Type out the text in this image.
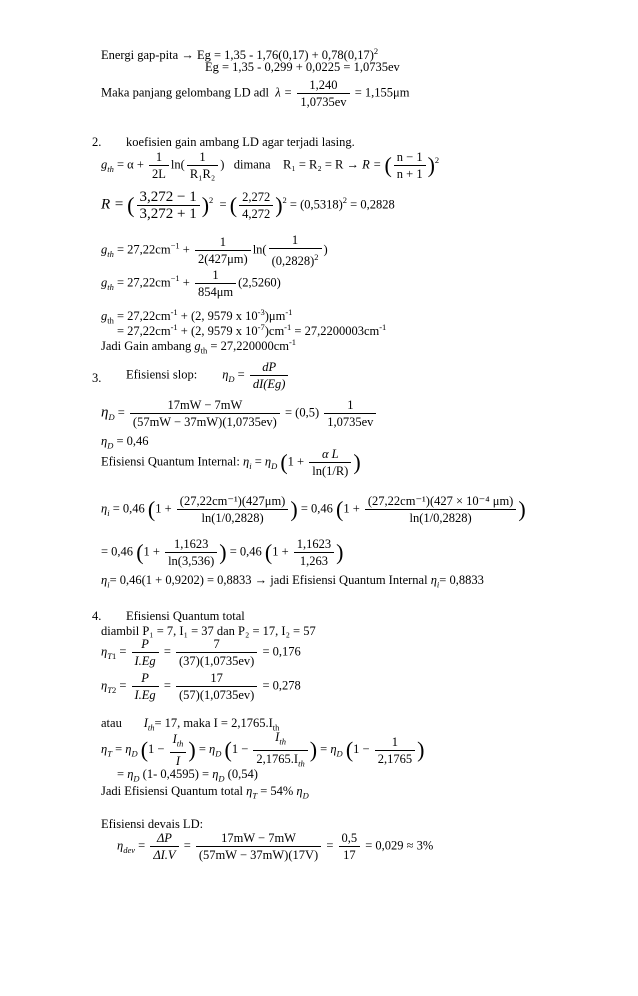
Energi gap-pita → $Eg = 1,35 - 1,76(0,17) + 0,78(0,17)^2$
Eg = 1,35 - 0,299 + 0,0225 = 1,0735ev
Maka panjang gelombang LD adl $\lambda = \frac{1,240}{1,0735ev} = 1,155\mu m$
2. koefisien gain ambang LD agar terjadi lasing.
$g_{th} = \alpha + \frac{1}{2L} \ln( \frac{1}{\text{R₁R₂}}$ ) dimana R₁ = R₂ = R → R = ( $\frac{n - 1}{n + 1} )^2$
R = ( $\frac{3,272 - 1}{3,272 + 1} )^2$  = ( $\frac{2,272}{4,272} )^2 = (0,5318)^2 = 0,2828$
$g_{th} = 27,22cm^{-1} + \frac{1}{2(427\mu m)} \ln( \frac{1}{(0,2828)^2}$ )
$g_{th} = 27,22cm^{-1} + \frac{1}{854\mu m} (2,5260)$
$g_{th} = 27,22cm^{-1} + (2$, 9579 x $10^{-3})\mu m^{-1}$
= $27,22cm^{-1} + (2$, 9579 x $10^{-7})cm^{-1} = 27,2200003cm^{-1}$
Jadi Gain ambang $g_{th} = 27,220000cm^{-1}$
3. Efisiensi slop: $\eta_D = \frac{dP}{dI(Eg)}$
$\eta_D = \frac{17mW - 7mW}{(57mW - 37mW)(1,0735ev)} = (0,5) \frac{1}{1,0735ev}$
$\eta_D = 0,46$
Efisiensi Quantum Internal: $\eta_i = \eta_D$ ($1 + \frac{\text{α L}}{\ln(1/R)}$ )
$\eta_i = 0,46$ ($1 + \frac{\text{(27,22cm⁻¹)(427μm)}}{\ln(1/0,2828)}$ ) = 0,46 ($1 + \frac{\text{(27,22cm⁻¹)(427 × 10⁻⁴ μm)}}{\ln(1/0,2828)}$ )
= 0,46 ($1 + \frac{1,1623}{\ln(3,536)}$ ) = 0,46 ($1 + \frac{1,1623}{1,263}$ )
$\eta_i= 0,46(1 + 0,9202) = 0,8833$ → jadi Efisiensi Quantum Internal $\eta_i= 0,8833$
4. Efisiensi Quantum total
diambil P₁ = 7, I₁ = 37 dan P₂ = 17, I₂ = 57
$\eta_{T1} = \frac{P}{I.Eg} = \frac{7}{(37)(1,0735ev)} = 0,176$
$\eta_{T2} = \frac{P}{I.Eg} = \frac{17}{(57)(1,0735ev)} = 0,278$
atau $I_{th}= 17$, maka $I = 2,1765.I_{th}$
$\eta_T = \eta_D$ ($1 - \frac{I_{th}}{I}$ ) = $\eta_D$ ($1 - \frac{I_{th}}{2,1765.I_{th}}$ ) = $\eta_D$ ($1 - \frac{1}{2,1765}$ )
= $\eta_D$ (1- $0,4595) = \eta_D$ (0,54)
Jadi Efisiensi Quantum total $\eta_T = 54\%$ $\eta_D$
Efisiensi devais LD:
$\eta_{dev} = \frac{\Delta P}{\Delta I.V} = \frac{17mW - 7mW}{(57mW - 37mW)(17V)} = \frac{0,5}{17} = 0,029 \approx 3\%$
